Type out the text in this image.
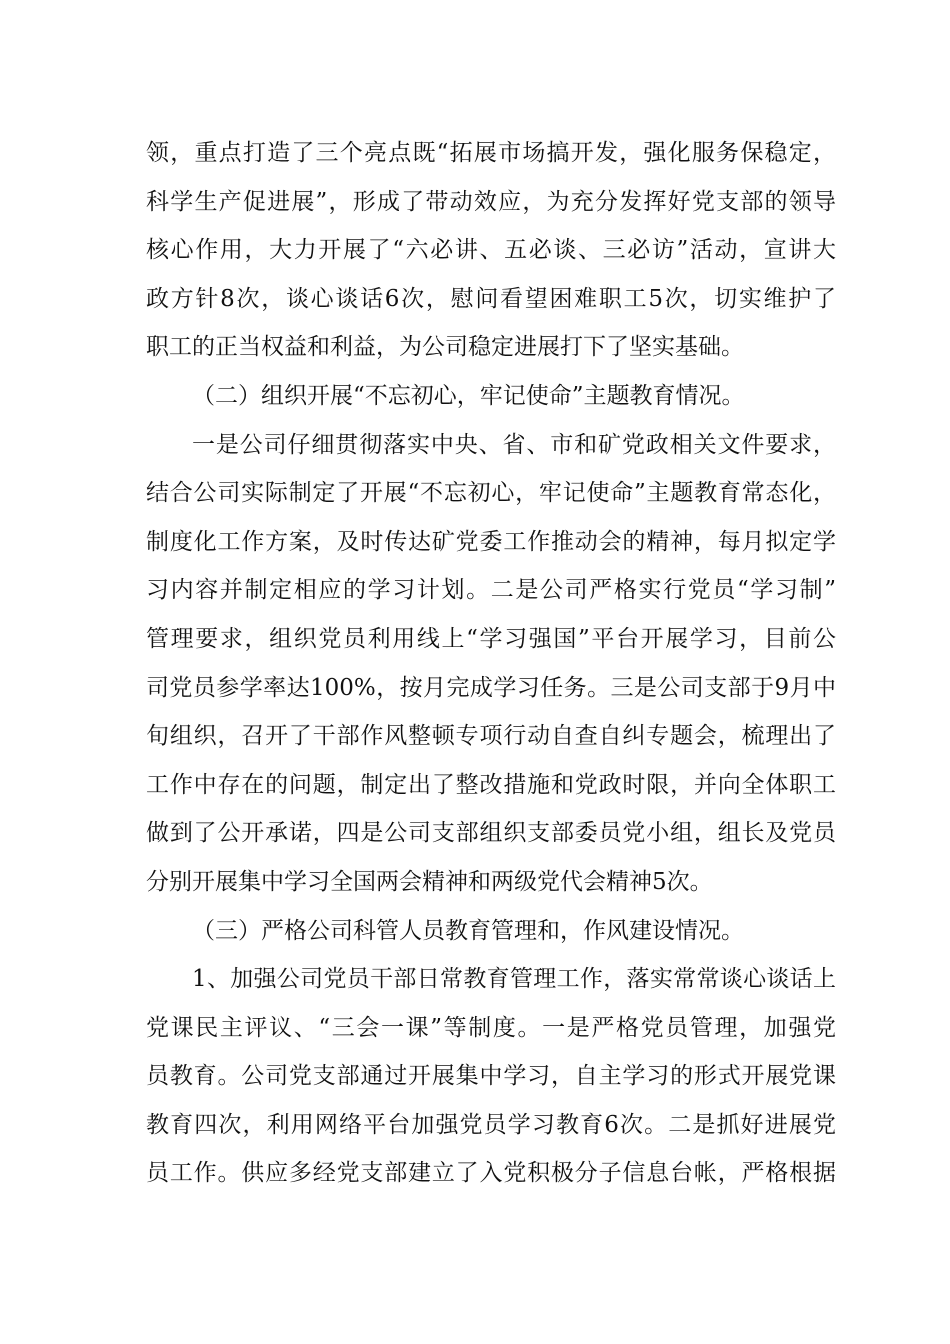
领，重点打造了三个亮点既“拓展市场搞开发，强化服务保稳定，
科学生产促进展”，形成了带动效应，为充分发挥好党支部的领导
核心作用，大力开展了“六必讲、五必谈、三必访”活动，宣讲大
政方针8次，谈心谈话6次，慰问看望困难职工5次，切实维护了
职工的正当权益和利益，为公司稳定进展打下了坚实基础。
（二）组织开展“不忘初心，牢记使命”主题教育情况。
一是公司仔细贯彻落实中央、省、市和矿党政相关文件要求，
结合公司实际制定了开展“不忘初心，牢记使命”主题教育常态化，
制度化工作方案，及时传达矿党委工作推动会的精神，每月拟定学
习内容并制定相应的学习计划。二是公司严格实行党员“学习制”
管理要求，组织党员利用线上“学习强国”平台开展学习，目前公
司党员参学率达100%，按月完成学习任务。三是公司支部于9月中
旬组织，召开了干部作风整顿专项行动自查自纠专题会，梳理出了
工作中存在的问题，制定出了整改措施和党政时限，并向全体职工
做到了公开承诺，四是公司支部组织支部委员党小组，组长及党员
分别开展集中学习全国两会精神和两级党代会精神5次。
（三）严格公司科管人员教育管理和，作风建设情况。
1、加强公司党员干部日常教育管理工作，落实常常谈心谈话上
党课民主评议、“三会一课”等制度。一是严格党员管理，加强党
员教育。公司党支部通过开展集中学习，自主学习的形式开展党课
教育四次，利用网络平台加强党员学习教育6次。二是抓好进展党
员工作。供应多经党支部建立了入党积极分子信息台帐，严格根据
